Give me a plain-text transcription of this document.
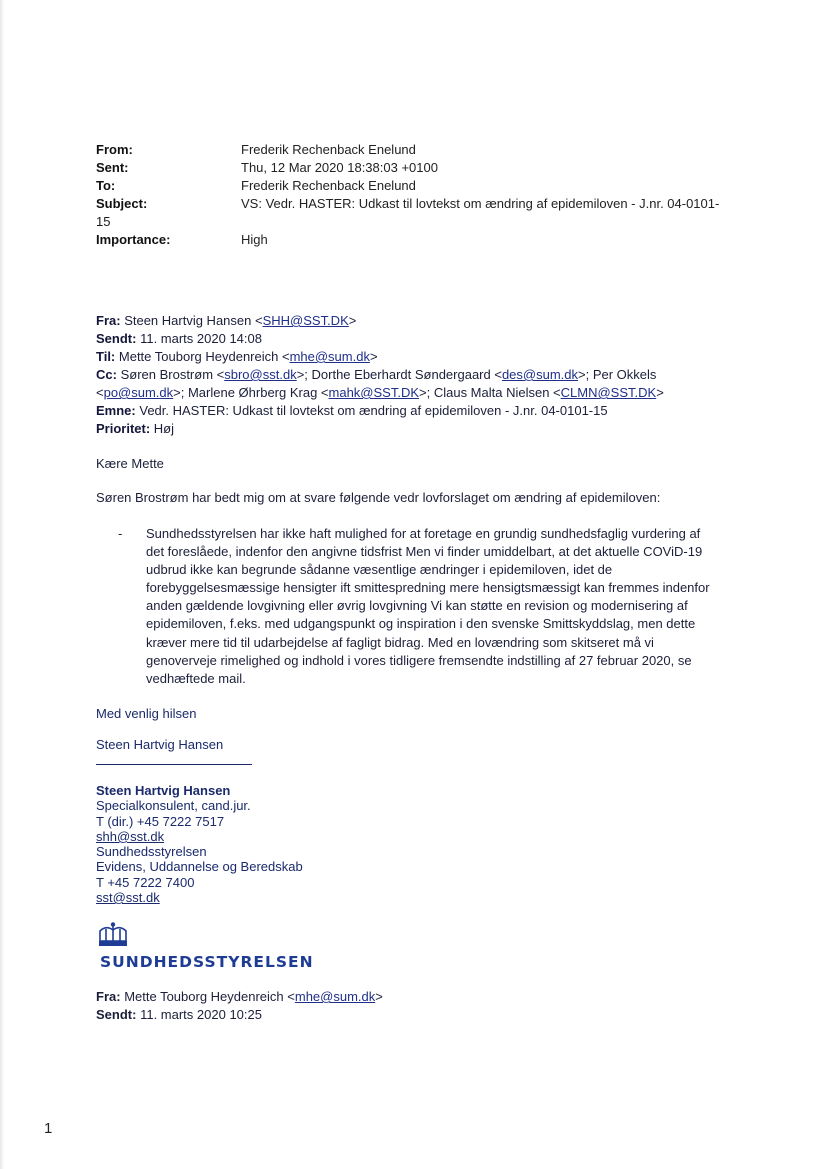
From:	Frederik Rechenback Enelund
Sent:	Thu, 12 Mar 2020 18:38:03 +0100
To:	Frederik Rechenback Enelund
Subject:	VS: Vedr. HASTER: Udkast til lovtekst om ændring af epidemiloven - J.nr. 04-0101-
15
Importance:	High
Fra: Steen Hartvig Hansen <SHH@SST.DK>
Sendt: 11. marts 2020 14:08
Til: Mette Touborg Heydenreich <mhe@sum.dk>
Cc: Søren Brostrøm <sbro@sst.dk>; Dorthe Eberhardt Søndergaard <des@sum.dk>; Per Okkels
<po@sum.dk>; Marlene Øhrberg Krag <mahk@SST.DK>; Claus Malta Nielsen <CLMN@SST.DK>
Emne: Vedr. HASTER: Udkast til lovtekst om ændring af epidemiloven - J.nr. 04-0101-15
Prioritet: Høj
Kære Mette
Søren Brostrøm har bedt mig om at svare følgende vedr lovforslaget om ændring af epidemiloven:
- Sundhedsstyrelsen har ikke haft mulighed for at foretage en grundig sundhedsfaglig vurdering af
det foreslåede, indenfor den angivne tidsfrist Men vi finder umiddelbart, at det aktuelle COViD-19
udbrud ikke kan begrunde sådanne væsentlige ændringer i epidemiloven, idet de
forebyggelsesmæssige hensigter ift smittespredning mere hensigtsmæssigt kan fremmes indenfor
anden gældende lovgivning eller øvrig lovgivning Vi kan støtte en revision og modernisering af
epidemiloven, f.eks. med udgangspunkt og inspiration i den svenske Smittskyddslag, men dette
kræver mere tid til udarbejdelse af fagligt bidrag. Med en lovændring som skitseret må vi
genoverveje rimelighed og indhold i vores tidligere fremsendte indstilling af 27 februar 2020, se
vedhæftede mail.
Med venlig hilsen
Steen Hartvig Hansen
Steen Hartvig Hansen
Specialkonsulent, cand.jur.
T (dir.) +45 7222 7517
shh@sst.dk
Sundhedsstyrelsen
Evidens, Uddannelse og Beredskab
T +45 7222 7400
sst@sst.dk
SUNDHEDSSTYRELSEN
Fra: Mette Touborg Heydenreich <mhe@sum.dk>
Sendt: 11. marts 2020 10:25
1
